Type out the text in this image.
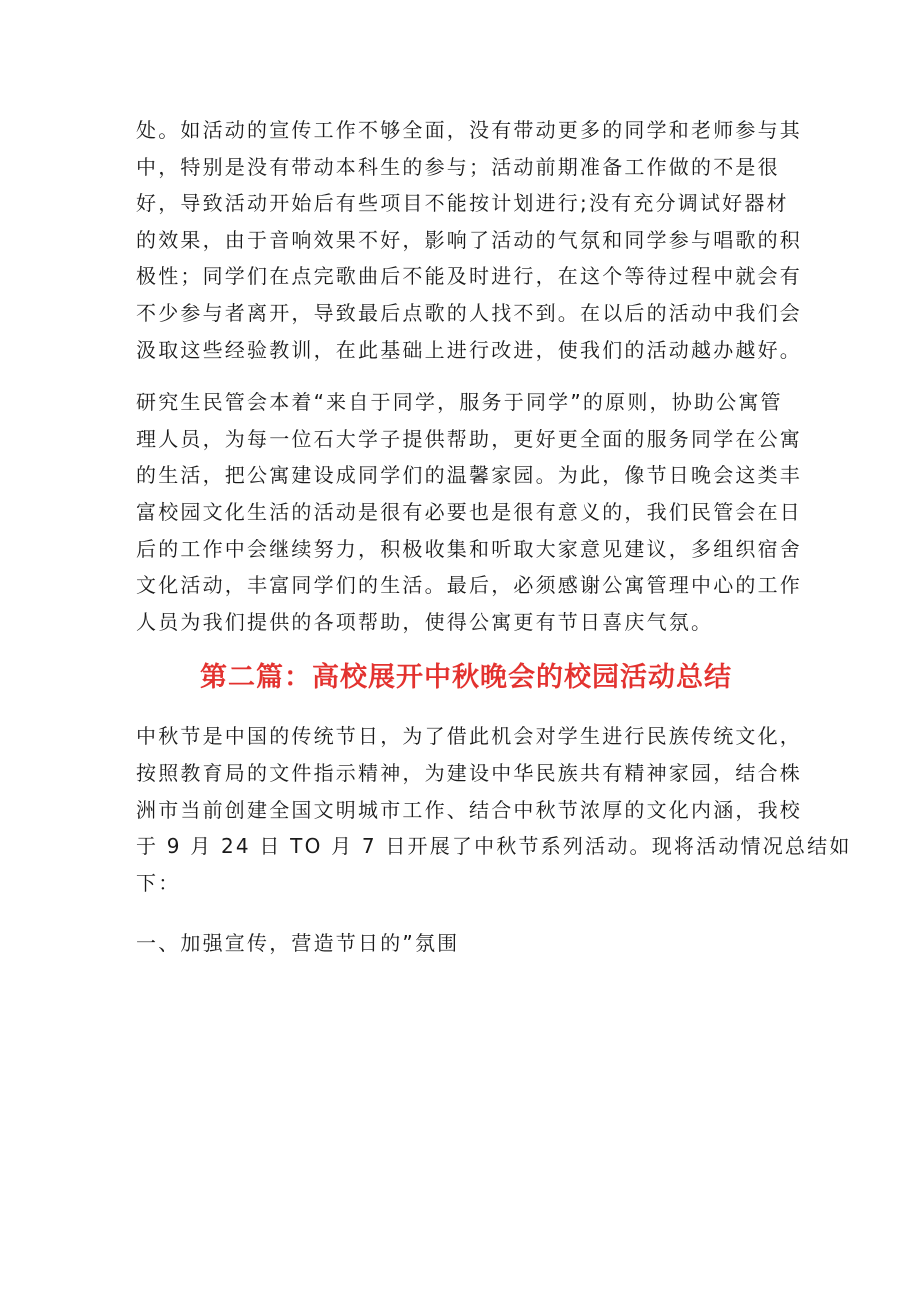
处。如活动的宣传工作不够全面，没有带动更多的同学和老师参与其
中，特别是没有带动本科生的参与；活动前期准备工作做的不是很
好，导致活动开始后有些项目不能按计划进行;没有充分调试好器材
的效果，由于音响效果不好，影响了活动的气氛和同学参与唱歌的积
极性；同学们在点完歌曲后不能及时进行，在这个等待过程中就会有
不少参与者离开，导致最后点歌的人找不到。在以后的活动中我们会
汲取这些经验教训，在此基础上进行改进，使我们的活动越办越好。

研究生民管会本着“来自于同学，服务于同学”的原则，协助公寓管
理人员，为每一位石大学子提供帮助，更好更全面的服务同学在公寓
的生活，把公寓建设成同学们的温馨家园。为此，像节日晚会这类丰
富校园文化生活的活动是很有必要也是很有意义的，我们民管会在日
后的工作中会继续努力，积极收集和听取大家意见建议，多组织宿舍
文化活动，丰富同学们的生活。最后，必须感谢公寓管理中心的工作
人员为我们提供的各项帮助，使得公寓更有节日喜庆气氛。

第二篇：高校展开中秋晚会的校园活动总结

中秋节是中国的传统节日，为了借此机会对学生进行民族传统文化，
按照教育局的文件指示精神，为建设中华民族共有精神家园，结合株
洲市当前创建全国文明城市工作、结合中秋节浓厚的文化内涵，我校
于 9 月 24 日 TO 月 7 日开展了中秋节系列活动。现将活动情况总结如
下：

一、加强宣传，营造节日的”氛围
